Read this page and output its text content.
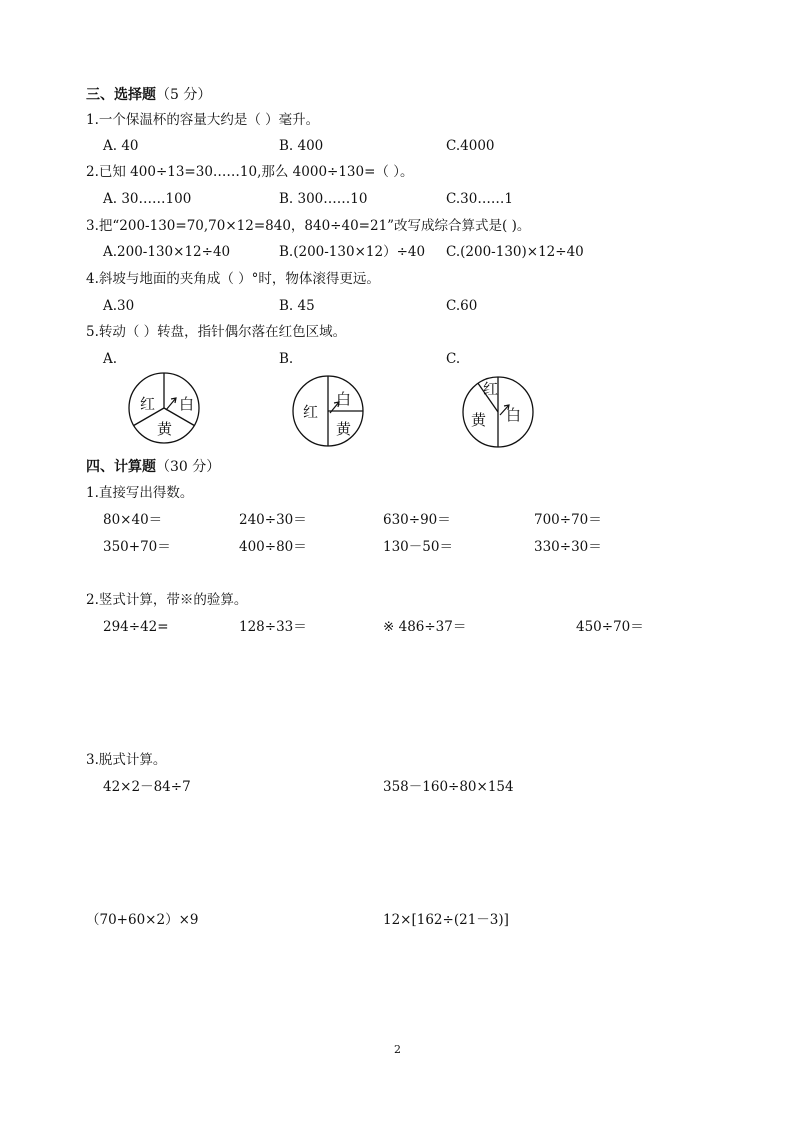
三、选择题（5 分）
1.一个保温杯的容量大约是（ ）毫升。
A. 40	B. 400	C.4000
2.已知 400÷13=30……10,那么 4000÷130=（ ）。
A. 30……100	B. 300……10	C.30……1
3.把“200-130=70,70×12=840，840÷40=21”改写成综合算式是( )。
A.200-130×12÷40	B.(200-130×12）÷40 C.(200-130)×12÷40
4.斜坡与地面的夹角成（ ）°时，物体滚得更远。
A.30	B. 45	C.60
5.转动（ ）转盘，指针偶尔落在红色区域。
A.	B.	C.
红 白
黄
红
白
黄
红
黄 白
四、计算题（30 分）
1.直接写出得数。
80×40＝	240÷30＝	630÷90＝	700÷70＝
350+70＝	400÷80＝	130－50＝	330÷30＝
2.竖式计算，带※的验算。
294÷42=	128÷33＝	※ 486÷37＝	450÷70＝
3.脱式计算。
42×2－84÷7	358－160÷80×154
（70+60×2）×9	12×[162÷(21－3)]
2
